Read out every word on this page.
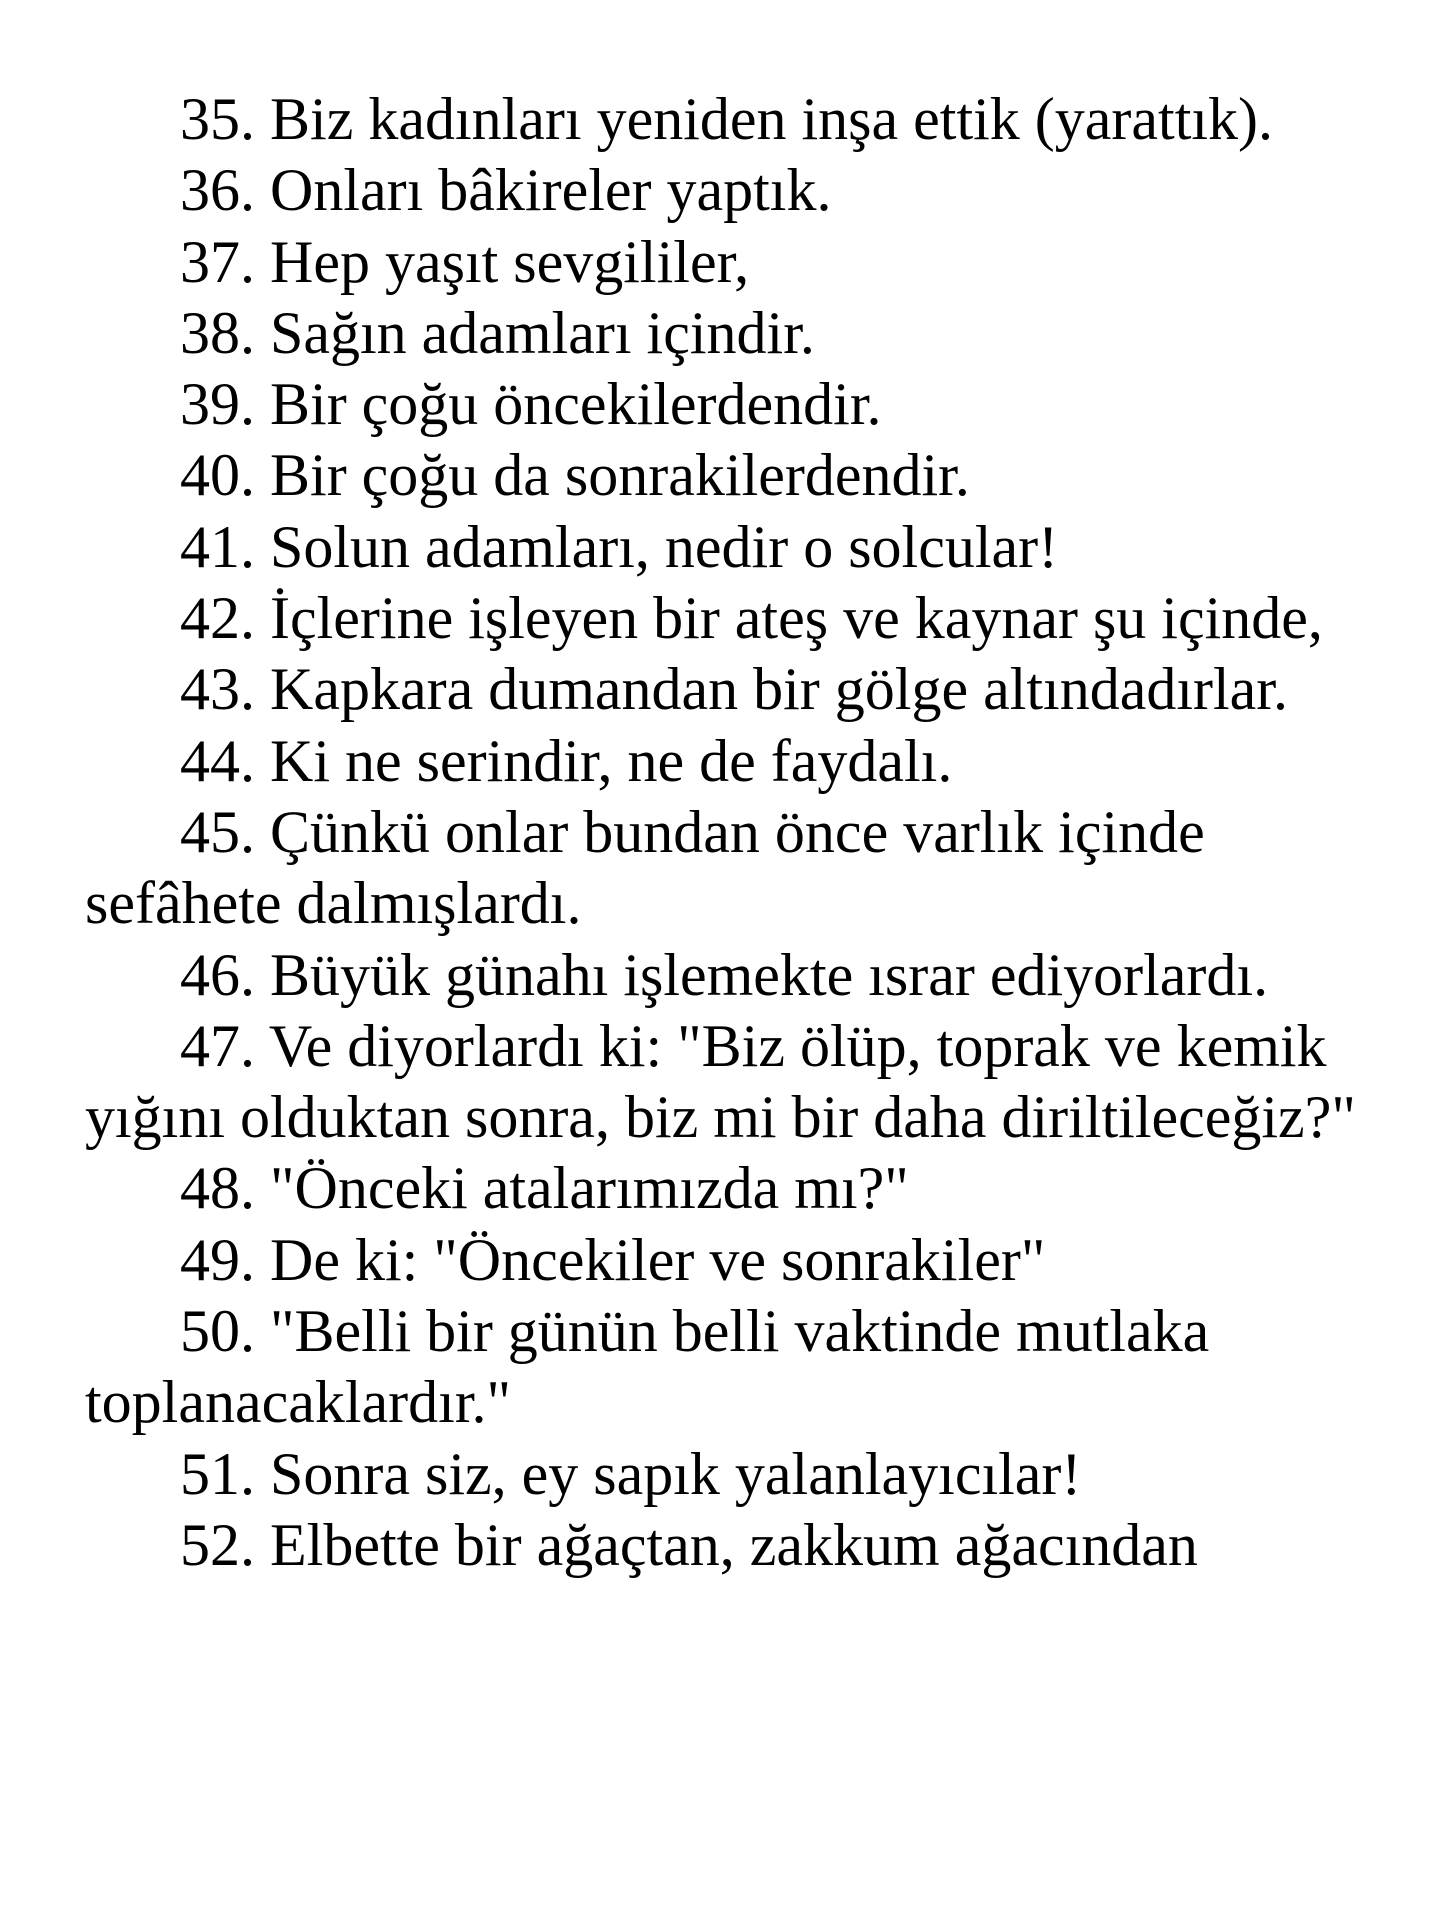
35. Biz kadınları yeniden inşa ettik (yarattık).

36. Onları bâkireler yaptık.

37. Hep yaşıt sevgililer,

38. Sağın adamları içindir.

39. Bir çoğu öncekilerdendir.

40. Bir çoğu da sonrakilerdendir.

41. Solun adamları, nedir o solcular!

42. İçlerine işleyen bir ateş ve kaynar şu içinde,

43. Kapkara dumandan bir gölge altındadırlar.

44. Ki ne serindir, ne de faydalı.

45. Çünkü onlar bundan önce varlık içinde sefâhete dalmışlardı.

46. Büyük günahı işlemekte ısrar ediyorlardı.

47. Ve diyorlardı ki: "Biz ölüp, toprak ve kemik yığını olduktan sonra, biz mi bir daha diriltileceğiz?"

48. "Önceki atalarımızda mı?"

49. De ki: "Öncekiler ve sonrakiler"

50. "Belli bir günün belli vaktinde mutlaka toplanacaklardır."

51. Sonra siz, ey sapık yalanlayıcılar!

52. Elbette bir ağaçtan, zakkum ağacından
